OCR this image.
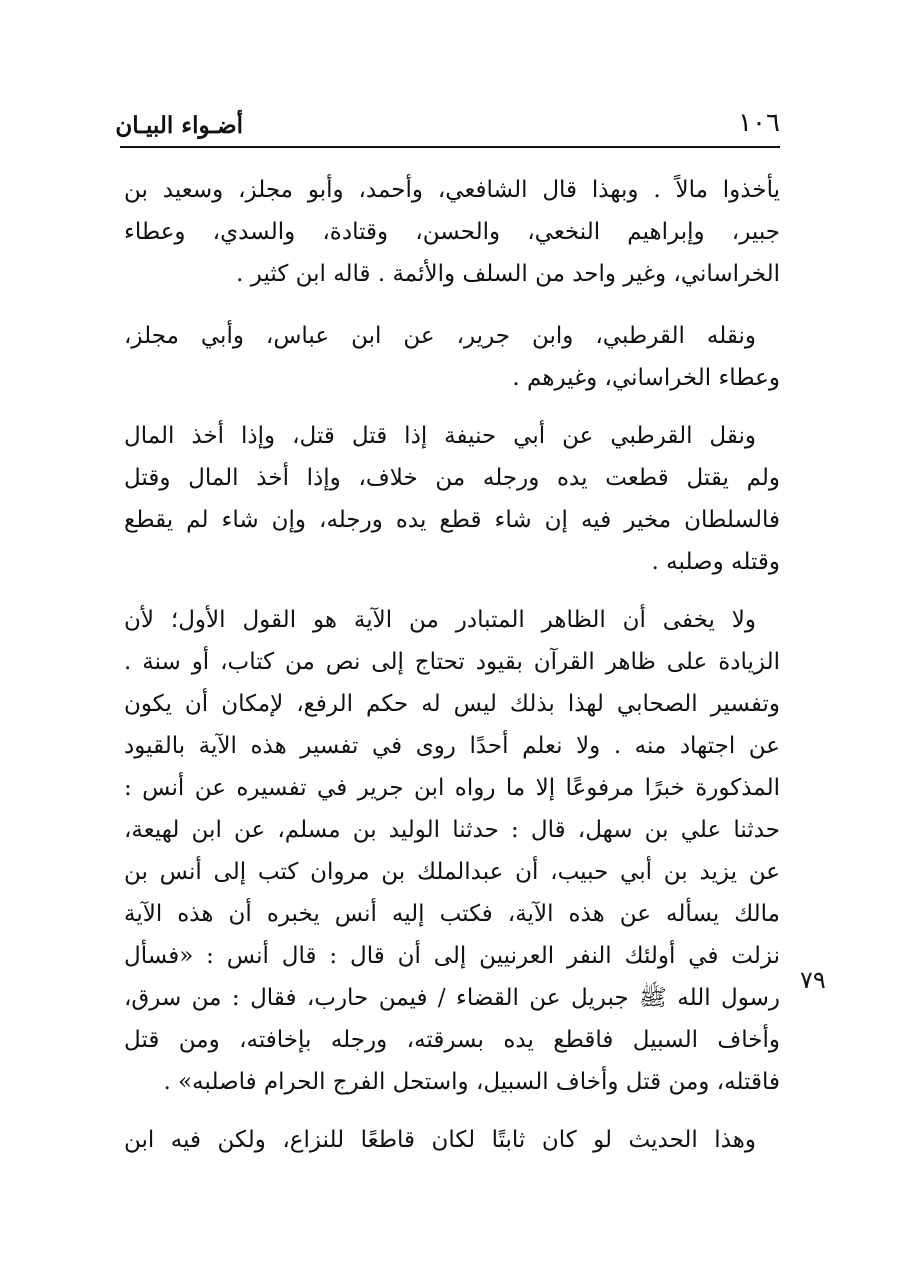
أضـواء البيـان	١٠٦
يأخذوا مالاً . وبهذا قال الشافعي، وأحمد، وأبو مجلز، وسعيد بن
جبير، وإبراهيم النخعي، والحسن، وقتادة، والسدي، وعطاء
الخراساني، وغير واحد من السلف والأئمة . قاله ابن كثير .
ونقله القرطبي، وابن جرير، عن ابن عباس، وأبي مجلز،
وعطاء الخراساني، وغيرهم .
ونقل القرطبي عن أبي حنيفة إذا قتل قتل، وإذا أخذ المال
ولم يقتل قطعت يده ورجله من خلاف، وإذا أخذ المال وقتل
فالسلطان مخير فيه إن شاء قطع يده ورجله، وإن شاء لم يقطع
وقتله وصلبه .
ولا يخفى أن الظاهر المتبادر من الآية هو القول الأول؛ لأن
الزيادة على ظاهر القرآن بقيود تحتاج إلى نص من كتاب، أو سنة .
وتفسير الصحابي لهذا بذلك ليس له حكم الرفع، لإمكان أن يكون
عن اجتهاد منه . ولا نعلم أحدًا روى في تفسير هذه الآية بالقيود
المذكورة خبرًا مرفوعًا إلا ما رواه ابن جرير في تفسيره عن أنس :
حدثنا علي بن سهل، قال : حدثنا الوليد بن مسلم، عن ابن لهيعة،
عن يزيد بن أبي حبيب، أن عبدالملك بن مروان كتب إلى أنس بن
مالك يسأله عن هذه الآية، فكتب إليه أنس يخبره أن هذه الآية
نزلت في أولئك النفر العرنيين إلى أن قال : قال أنس : «فسأل
رسول الله ﷺ جبريل عن القضاء / فيمن حارب، فقال : من سرق،
وأخاف السبيل فاقطع يده بسرقته، ورجله بإخافته، ومن قتل
فاقتله، ومن قتل وأخاف السبيل، واستحل الفرج الحرام فاصلبه» .
وهذا الحديث لو كان ثابتًا لكان قاطعًا للنزاع، ولكن فيه ابن
٧٩
